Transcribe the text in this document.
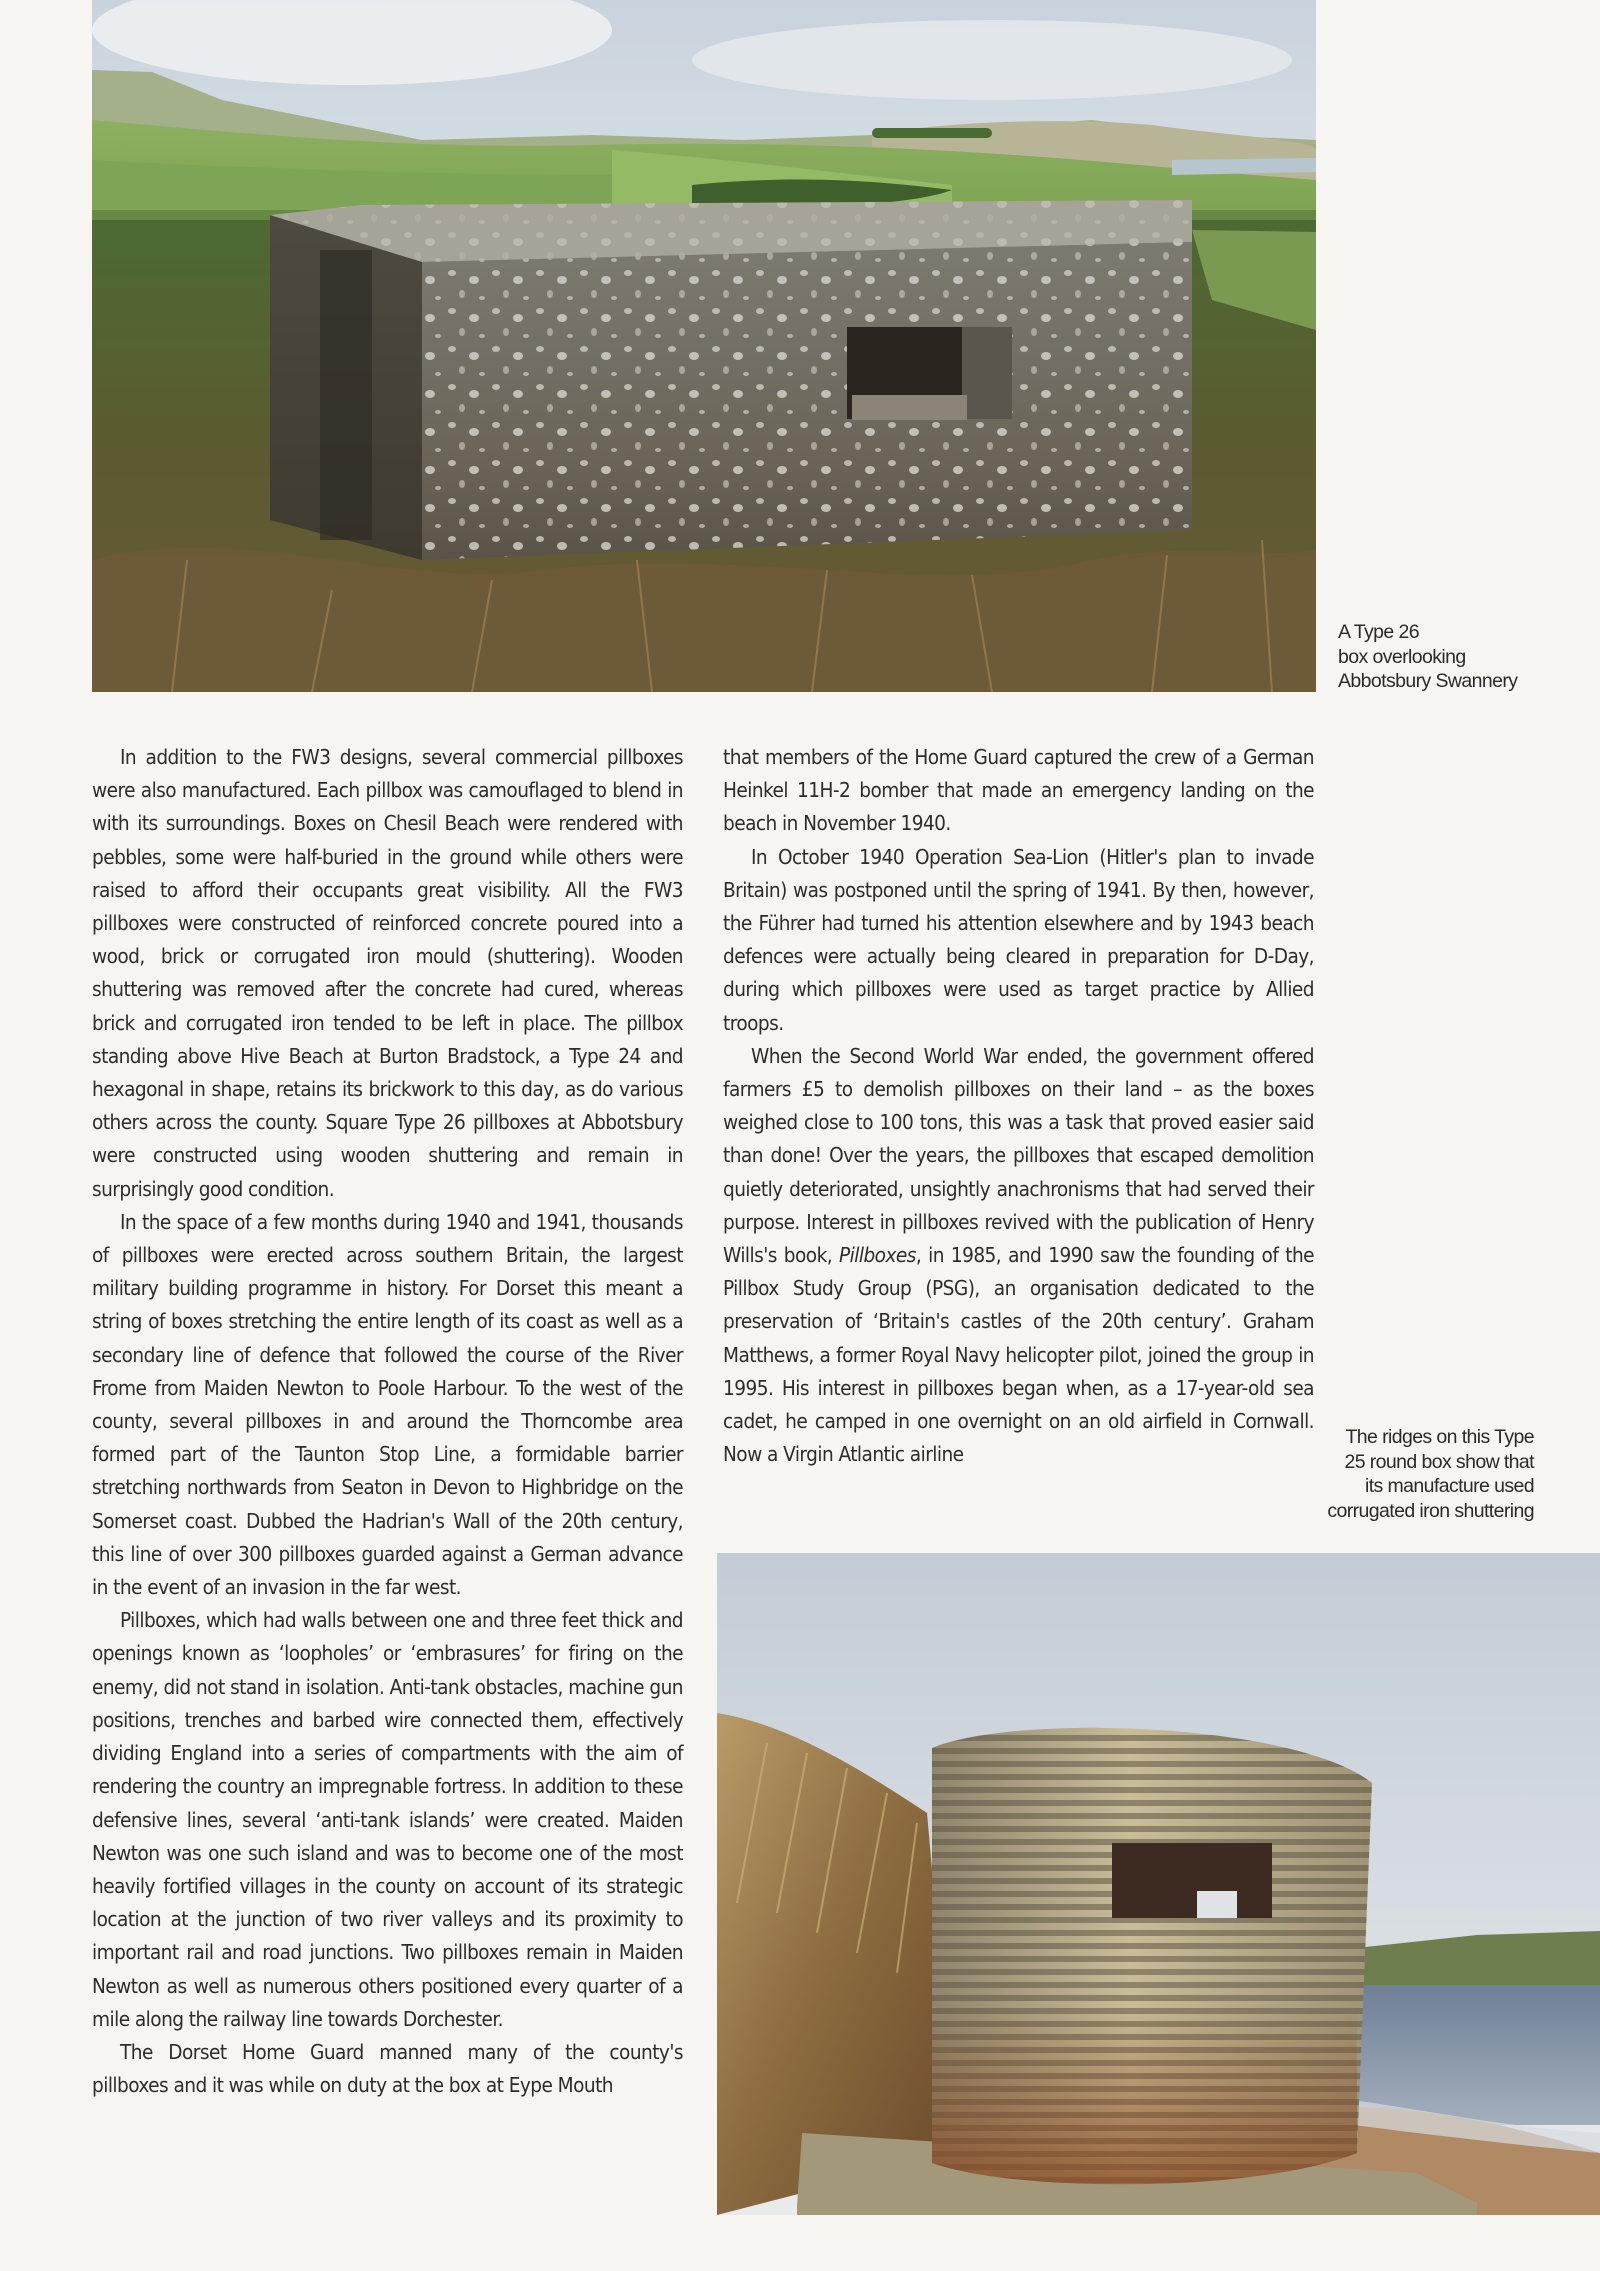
A Type 26
box overlooking
Abbotsbury Swannery

In addition to the FW3 designs, several commercial pillboxes were also manufactured. Each pillbox was camouflaged to blend in with its surroundings. Boxes on Chesil Beach were rendered with pebbles, some were half-buried in the ground while others were raised to afford their occupants great visibility. All the FW3 pillboxes were constructed of reinforced concrete poured into a wood, brick or corrugated iron mould (shuttering). Wooden shuttering was removed after the concrete had cured, whereas brick and corrugated iron tended to be left in place. The pillbox standing above Hive Beach at Burton Bradstock, a Type 24 and hexagonal in shape, retains its brickwork to this day, as do various others across the county. Square Type 26 pillboxes at Abbotsbury were constructed using wooden shuttering and remain in surprisingly good condition.

In the space of a few months during 1940 and 1941, thousands of pillboxes were erected across southern Britain, the largest military building programme in history. For Dorset this meant a string of boxes stretching the entire length of its coast as well as a secondary line of defence that followed the course of the River Frome from Maiden Newton to Poole Harbour. To the west of the county, several pillboxes in and around the Thorncombe area formed part of the Taunton Stop Line, a formidable barrier stretching northwards from Seaton in Devon to Highbridge on the Somerset coast. Dubbed the Hadrian's Wall of the 20th century, this line of over 300 pillboxes guarded against a German advance in the event of an invasion in the far west.

Pillboxes, which had walls between one and three feet thick and openings known as ‘loopholes’ or ‘embrasures’ for firing on the enemy, did not stand in isolation. Anti-tank obstacles, machine gun positions, trenches and barbed wire connected them, effectively dividing England into a series of compartments with the aim of rendering the country an impregnable fortress. In addition to these defensive lines, several ‘anti-tank islands’ were created. Maiden Newton was one such island and was to become one of the most heavily fortified villages in the county on account of its strategic location at the junction of two river valleys and its proximity to important rail and road junctions. Two pillboxes remain in Maiden Newton as well as numerous others positioned every quarter of a mile along the railway line towards Dorchester.

The Dorset Home Guard manned many of the county's pillboxes and it was while on duty at the box at Eype Mouth

that members of the Home Guard captured the crew of a German Heinkel 11H-2 bomber that made an emergency landing on the beach in November 1940.

In October 1940 Operation Sea-Lion (Hitler's plan to invade Britain) was postponed until the spring of 1941. By then, however, the Führer had turned his attention elsewhere and by 1943 beach defences were actually being cleared in preparation for D-Day, during which pillboxes were used as target practice by Allied troops.

When the Second World War ended, the government offered farmers £5 to demolish pillboxes on their land – as the boxes weighed close to 100 tons, this was a task that proved easier said than done! Over the years, the pillboxes that escaped demolition quietly deteriorated, unsightly anachronisms that had served their purpose. Interest in pillboxes revived with the publication of Henry Wills's book, Pillboxes, in 1985, and 1990 saw the founding of the Pillbox Study Group (PSG), an organisation dedicated to the preservation of ‘Britain's castles of the 20th century’. Graham Matthews, a former Royal Navy helicopter pilot, joined the group in 1995. His interest in pillboxes began when, as a 17-year-old sea cadet, he camped in one overnight on an old airfield in Cornwall. Now a Virgin Atlantic airline

The ridges on this Type
25 round box show that
its manufacture used
corrugated iron shuttering
